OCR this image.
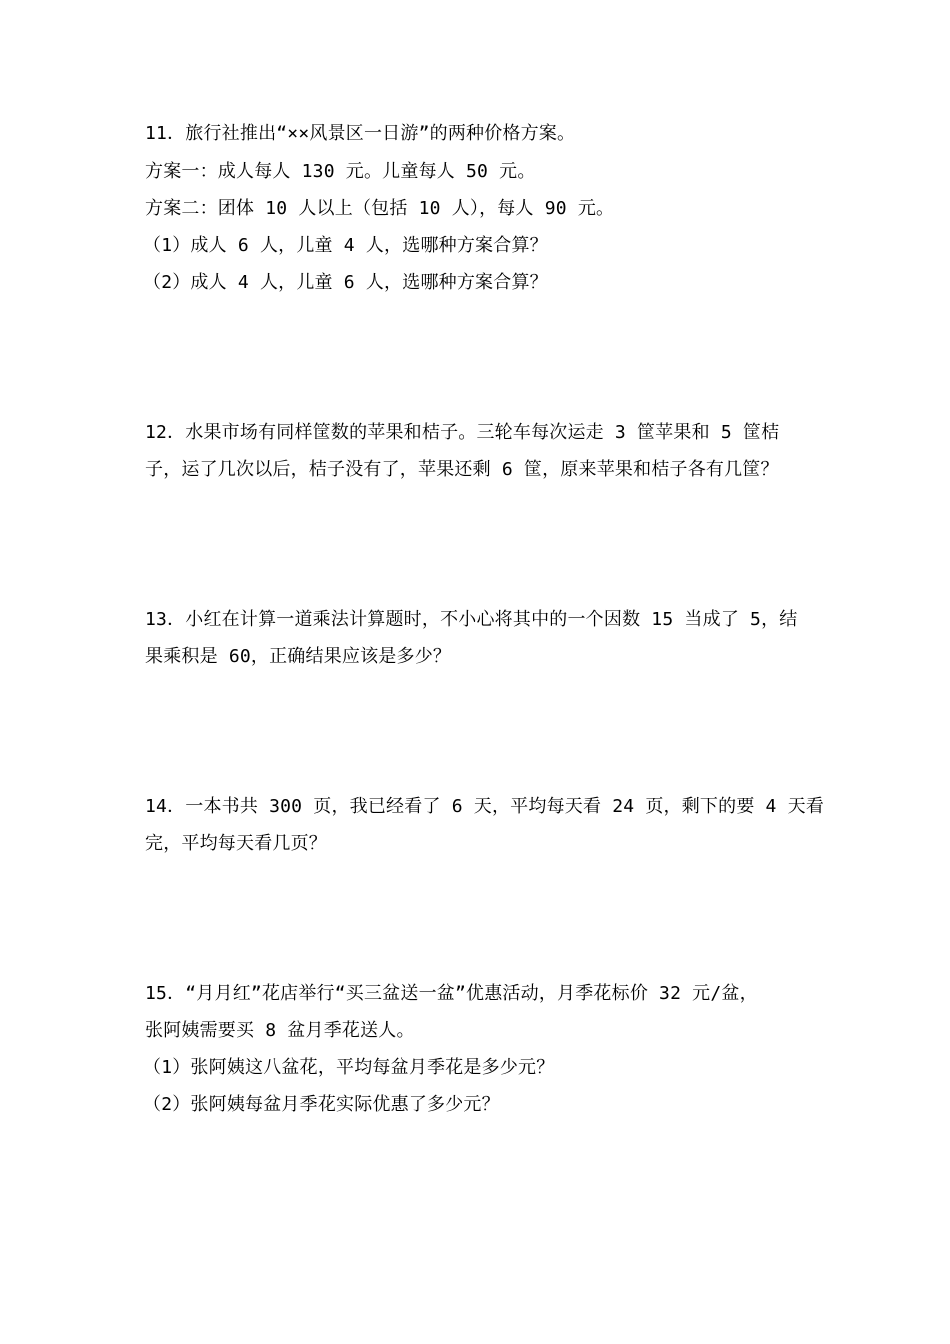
11．旅行社推出“××风景区一日游”的两种价格方案。
方案一：成人每人 130 元。儿童每人 50 元。
方案二：团体 10 人以上（包括 10 人），每人 90 元。
（1）成人 6 人，儿童 4 人，选哪种方案合算？
（2）成人 4 人，儿童 6 人，选哪种方案合算？
12．水果市场有同样筐数的苹果和桔子。三轮车每次运走 3 筐苹果和 5 筐桔
子，运了几次以后，桔子没有了，苹果还剩 6 筐，原来苹果和桔子各有几筐？
13．小红在计算一道乘法计算题时，不小心将其中的一个因数 15 当成了 5，结
果乘积是 60，正确结果应该是多少？
14．一本书共 300 页，我已经看了 6 天，平均每天看 24 页，剩下的要 4 天看
完，平均每天看几页？
15．“月月红”花店举行“买三盆送一盆”优惠活动，月季花标价 32 元/盆，
张阿姨需要买 8 盆月季花送人。
（1）张阿姨这八盆花，平均每盆月季花是多少元？
（2）张阿姨每盆月季花实际优惠了多少元？
